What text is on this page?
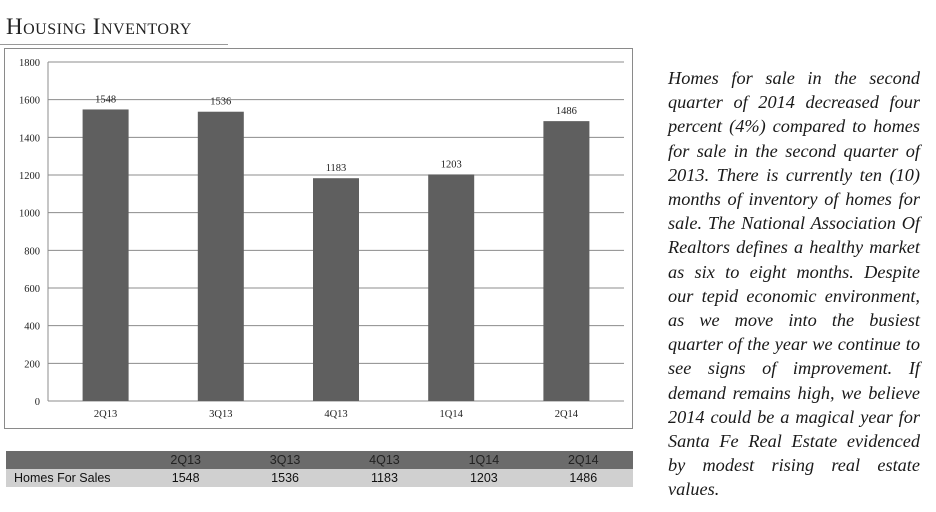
Housing Inventory
0
200
400
600
800
1000
1200
1400
1600
1800
1548
2Q13
1536
3Q13
1183
4Q13
1203
1Q14
1486
2Q14

Homes for sale in the second quarter of 2014 decreased four percent (4%) compared to homes for sale in the second quarter of 2013. There is currently ten (10) months of inventory of homes for sale. The National Association Of Realtors defines a healthy market as six to eight months. Despite our tepid economic environment, as we move into the busiest quarter of the year we continue to see signs of improvement. If demand remains high, we believe 2014 could be a magical year for Santa Fe Real Estate evidenced by modest rising real estate values.

	2Q13	3Q13	4Q13	1Q14	2Q14
Homes For Sales	1548	1536	1183	1203	1486
